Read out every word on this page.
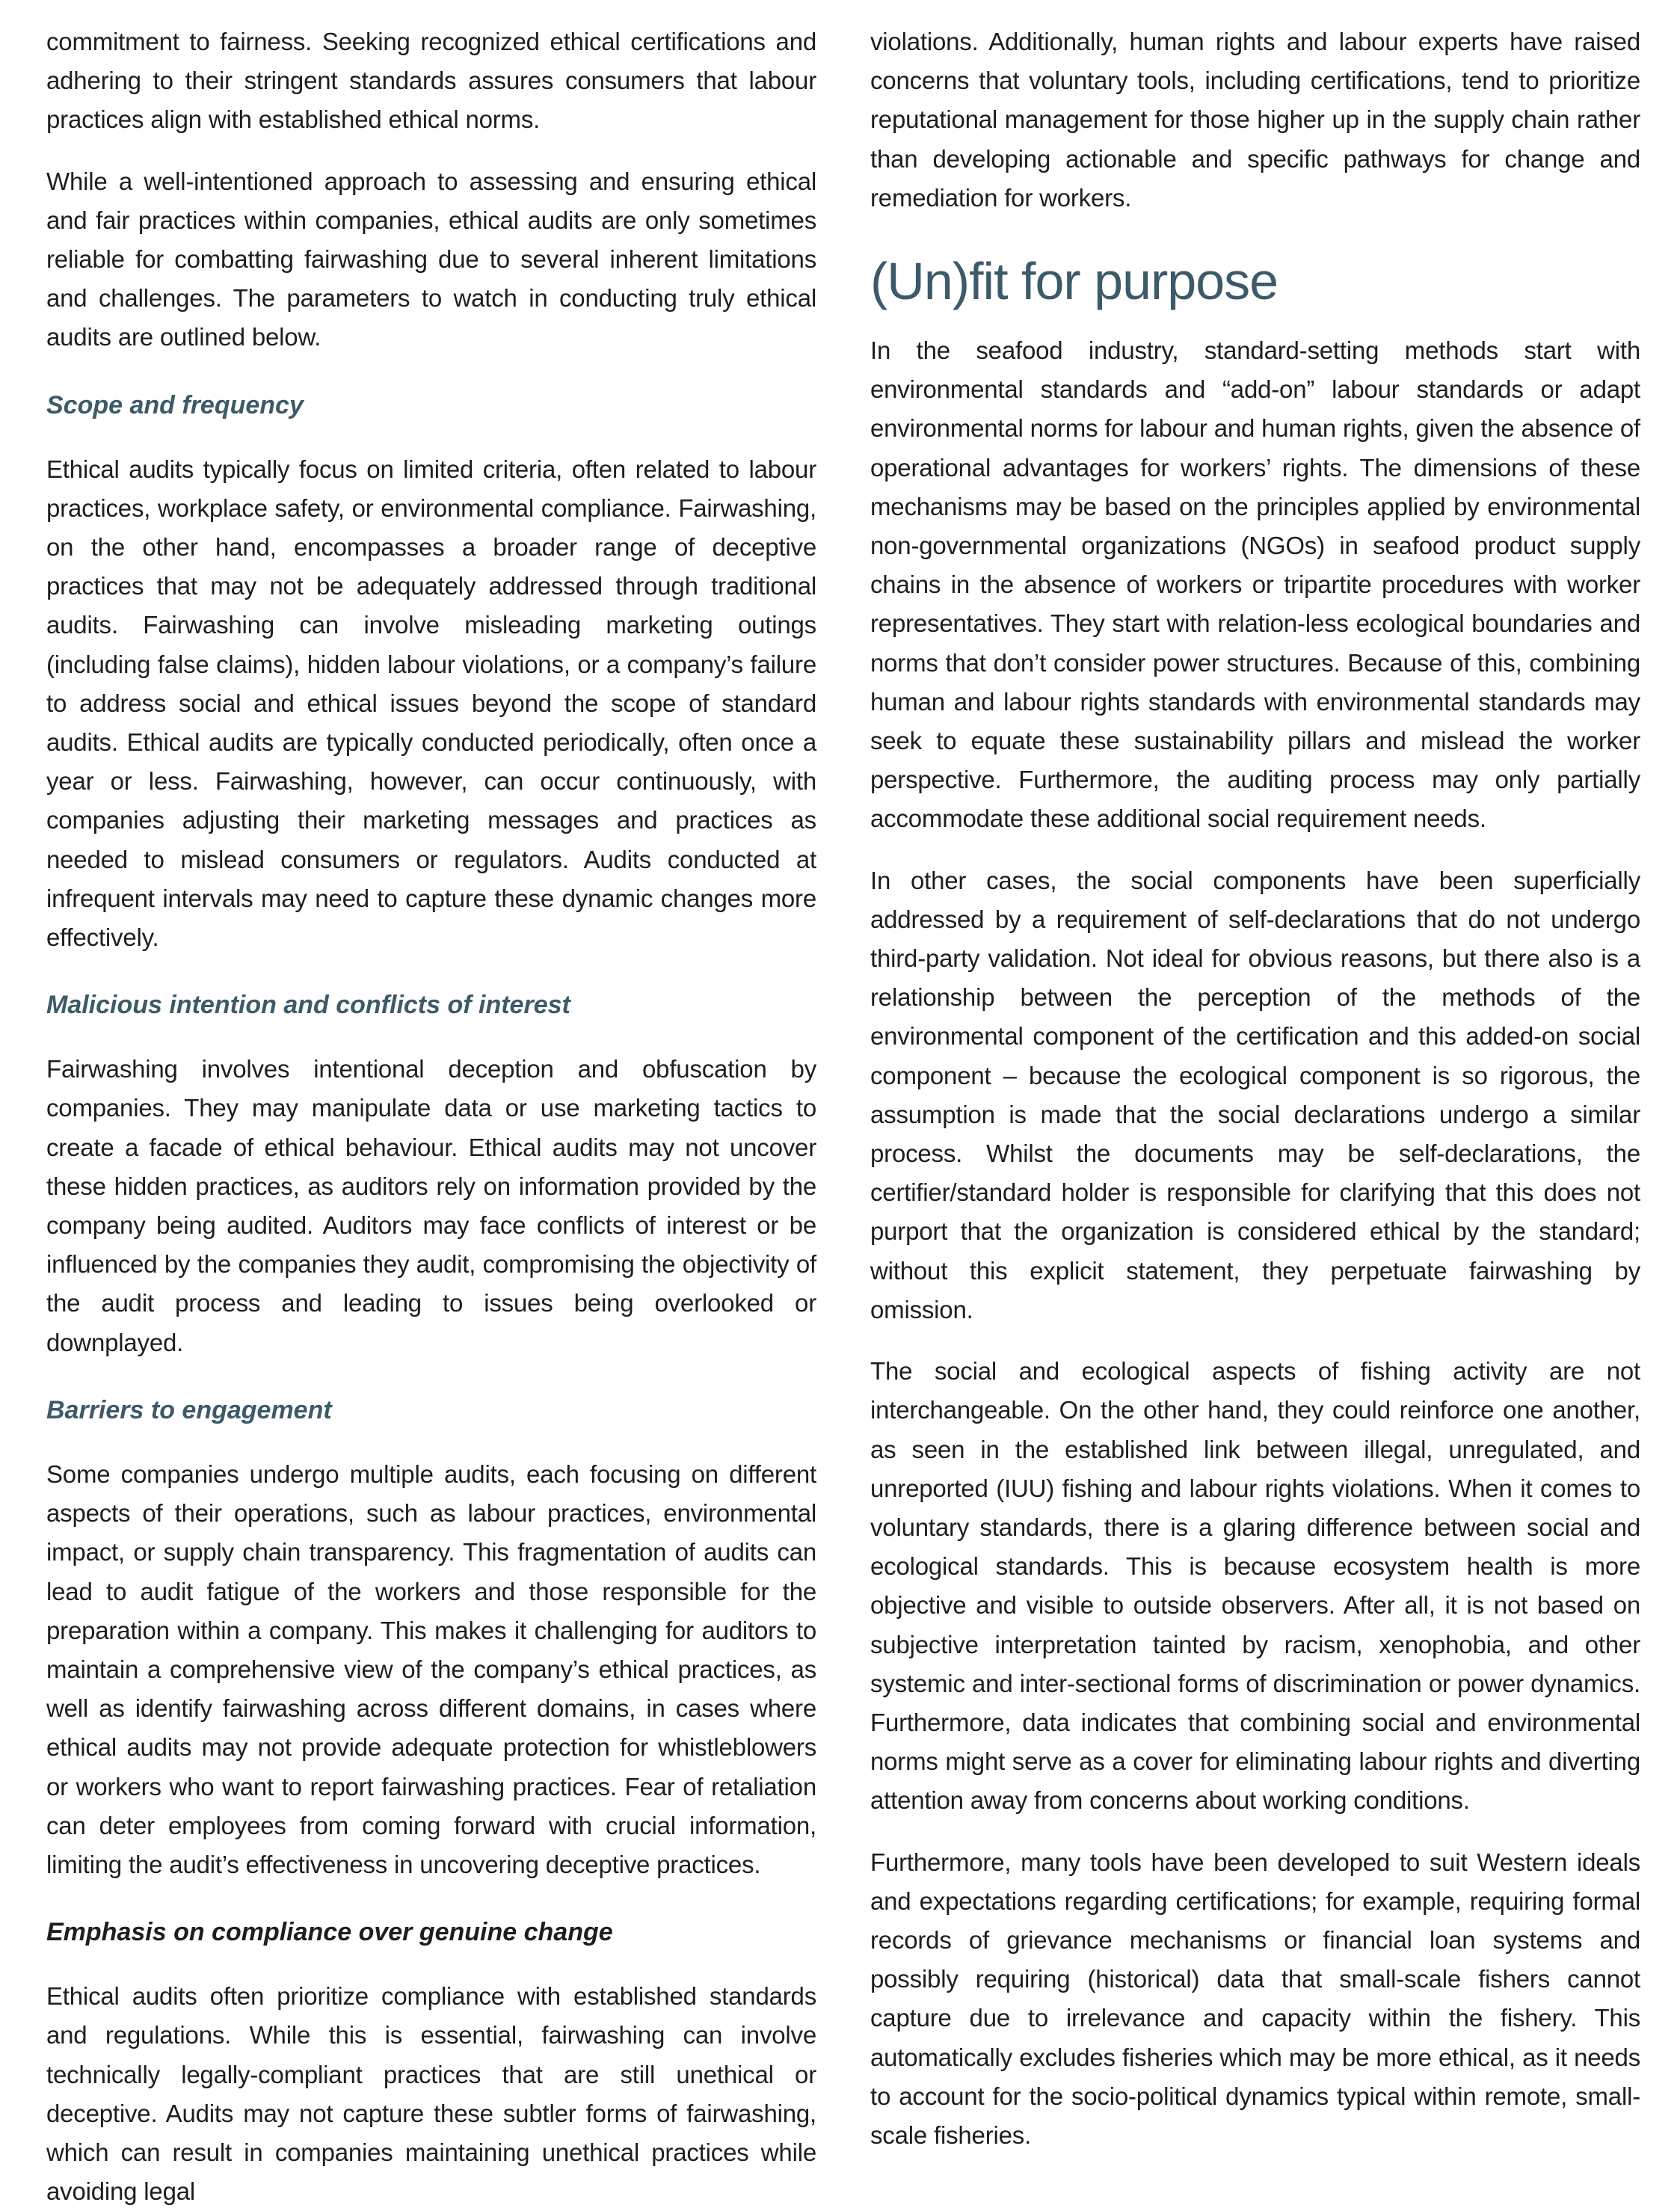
commitment to fairness. Seeking recognized ethical certifications and adhering to their stringent standards assures consumers that labour practices align with established ethical norms.

While a well-intentioned approach to assessing and ensuring ethical and fair practices within companies, ethical audits are only sometimes reliable for combatting fairwashing due to several inherent limitations and challenges. The parameters to watch in conducting truly ethical audits are outlined below.

Scope and frequency

Ethical audits typically focus on limited criteria, often related to labour practices, workplace safety, or environmental compliance. Fairwashing, on the other hand, encompasses a broader range of deceptive practices that may not be adequately addressed through traditional audits. Fairwashing can involve misleading marketing outings (including false claims), hidden labour violations, or a company’s failure to address social and ethical issues beyond the scope of standard audits. Ethical audits are typically conducted periodically, often once a year or less. Fairwashing, however, can occur continuously, with companies adjusting their marketing messages and practices as needed to mislead consumers or regulators. Audits conducted at infrequent intervals may need to capture these dynamic changes more effectively.

Malicious intention and conflicts of interest

Fairwashing involves intentional deception and obfuscation by companies. They may manipulate data or use marketing tactics to create a facade of ethical behaviour. Ethical audits may not uncover these hidden practices, as auditors rely on information provided by the company being audited. Auditors may face conflicts of interest or be influenced by the companies they audit, compromising the objectivity of the audit process and leading to issues being overlooked or downplayed.

Barriers to engagement

Some companies undergo multiple audits, each focusing on different aspects of their operations, such as labour practices, environmental impact, or supply chain transparency. This fragmentation of audits can lead to audit fatigue of the workers and those responsible for the preparation within a company. This makes it challenging for auditors to maintain a comprehensive view of the company’s ethical practices, as well as identify fairwashing across different domains, in cases where ethical audits may not provide adequate protection for whistleblowers or workers who want to report fairwashing practices. Fear of retaliation can deter employees from coming forward with crucial information, limiting the audit’s effectiveness in uncovering deceptive practices.

Emphasis on compliance over genuine change

Ethical audits often prioritize compliance with established standards and regulations. While this is essential, fairwashing can involve technically legally-compliant practices that are still unethical or deceptive. Audits may not capture these subtler forms of fairwashing, which can result in companies maintaining unethical practices while avoiding legal

violations. Additionally, human rights and labour experts have raised concerns that voluntary tools, including certifications, tend to prioritize reputational management for those higher up in the supply chain rather than developing actionable and specific pathways for change and remediation for workers.

(Un)fit for purpose

In the seafood industry, standard-setting methods start with environmental standards and “add-on” labour standards or adapt environmental norms for labour and human rights, given the absence of operational advantages for workers’ rights. The dimensions of these mechanisms may be based on the principles applied by environmental non-governmental organizations (NGOs) in seafood product supply chains in the absence of workers or tripartite procedures with worker representatives. They start with relation-less ecological boundaries and norms that don’t consider power structures. Because of this, combining human and labour rights standards with environmental standards may seek to equate these sustainability pillars and mislead the worker perspective. Furthermore, the auditing process may only partially accommodate these additional social requirement needs.

In other cases, the social components have been superficially addressed by a requirement of self-declarations that do not undergo third-party validation. Not ideal for obvious reasons, but there also is a relationship between the perception of the methods of the environmental component of the certification and this added-on social component – because the ecological component is so rigorous, the assumption is made that the social declarations undergo a similar process. Whilst the documents may be self-declarations, the certifier/standard holder is responsible for clarifying that this does not purport that the organization is considered ethical by the standard; without this explicit statement, they perpetuate fairwashing by omission.

The social and ecological aspects of fishing activity are not interchangeable. On the other hand, they could reinforce one another, as seen in the established link between illegal, unregulated, and unreported (IUU) fishing and labour rights violations. When it comes to voluntary standards, there is a glaring difference between social and ecological standards. This is because ecosystem health is more objective and visible to outside observers. After all, it is not based on subjective interpretation tainted by racism, xenophobia, and other systemic and inter-sectional forms of discrimination or power dynamics. Furthermore, data indicates that combining social and environmental norms might serve as a cover for eliminating labour rights and diverting attention away from concerns about working conditions.

Furthermore, many tools have been developed to suit Western ideals and expectations regarding certifications; for example, requiring formal records of grievance mechanisms or financial loan systems and possibly requiring (historical) data that small-scale fishers cannot capture due to irrelevance and capacity within the fishery. This automatically excludes fisheries which may be more ethical, as it needs to account for the socio-political dynamics typical within remote, small-scale fisheries.
